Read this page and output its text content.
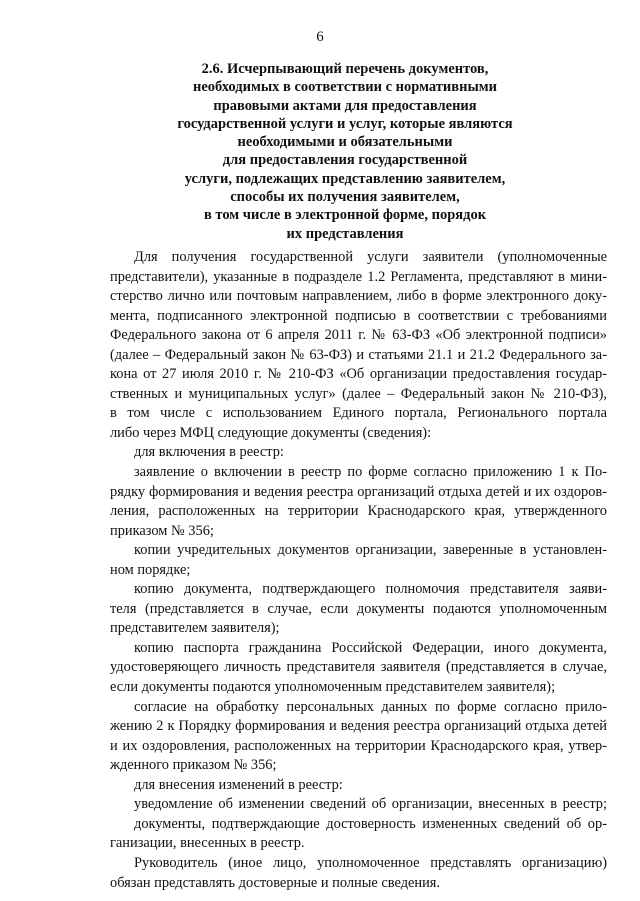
6
2.6. Исчерпывающий перечень документов,
необходимых в соответствии с нормативными
правовыми актами для предоставления
государственной услуги и услуг, которые являются
необходимыми и обязательными
для предоставления государственной
услуги, подлежащих представлению заявителем,
способы их получения заявителем,
в том числе в электронной форме, порядок
их представления
Для получения государственной услуги заявители (уполномоченные
представители), указанные в подразделе 1.2 Регламента, представляют в мини-
стерство лично или почтовым направлением, либо в форме электронного доку-
мента, подписанного электронной подписью в соответствии с требованиями
Федерального закона от 6 апреля 2011 г. № 63-ФЗ «Об электронной подписи»
(далее – Федеральный закон № 63-ФЗ) и статьями 21.1 и 21.2 Федерального за-
кона от 27 июля 2010 г. № 210-ФЗ «Об организации предоставления государ-
ственных и муниципальных услуг» (далее – Федеральный закон № 210-ФЗ),
в том числе с использованием Единого портала, Регионального портала
либо через МФЦ следующие документы (сведения):
для включения в реестр:
заявление о включении в реестр по форме согласно приложению 1 к По-
рядку формирования и ведения реестра организаций отдыха детей и их оздоров-
ления, расположенных на территории Краснодарского края, утвержденного
приказом № 356;
копии учредительных документов организации, заверенные в установлен-
ном порядке;
копию документа, подтверждающего полномочия представителя заяви-
теля (представляется в случае, если документы подаются уполномоченным
представителем заявителя);
копию паспорта гражданина Российской Федерации, иного документа,
удостоверяющего личность представителя заявителя (представляется в случае,
если документы подаются уполномоченным представителем заявителя);
согласие на обработку персональных данных по форме согласно прило-
жению 2 к Порядку формирования и ведения реестра организаций отдыха детей
и их оздоровления, расположенных на территории Краснодарского края, утвер-
жденного приказом № 356;
для внесения изменений в реестр:
уведомление об изменении сведений об организации, внесенных в реестр;
документы, подтверждающие достоверность измененных сведений об ор-
ганизации, внесенных в реестр.
Руководитель (иное лицо, уполномоченное представлять организацию)
обязан представлять достоверные и полные сведения.
